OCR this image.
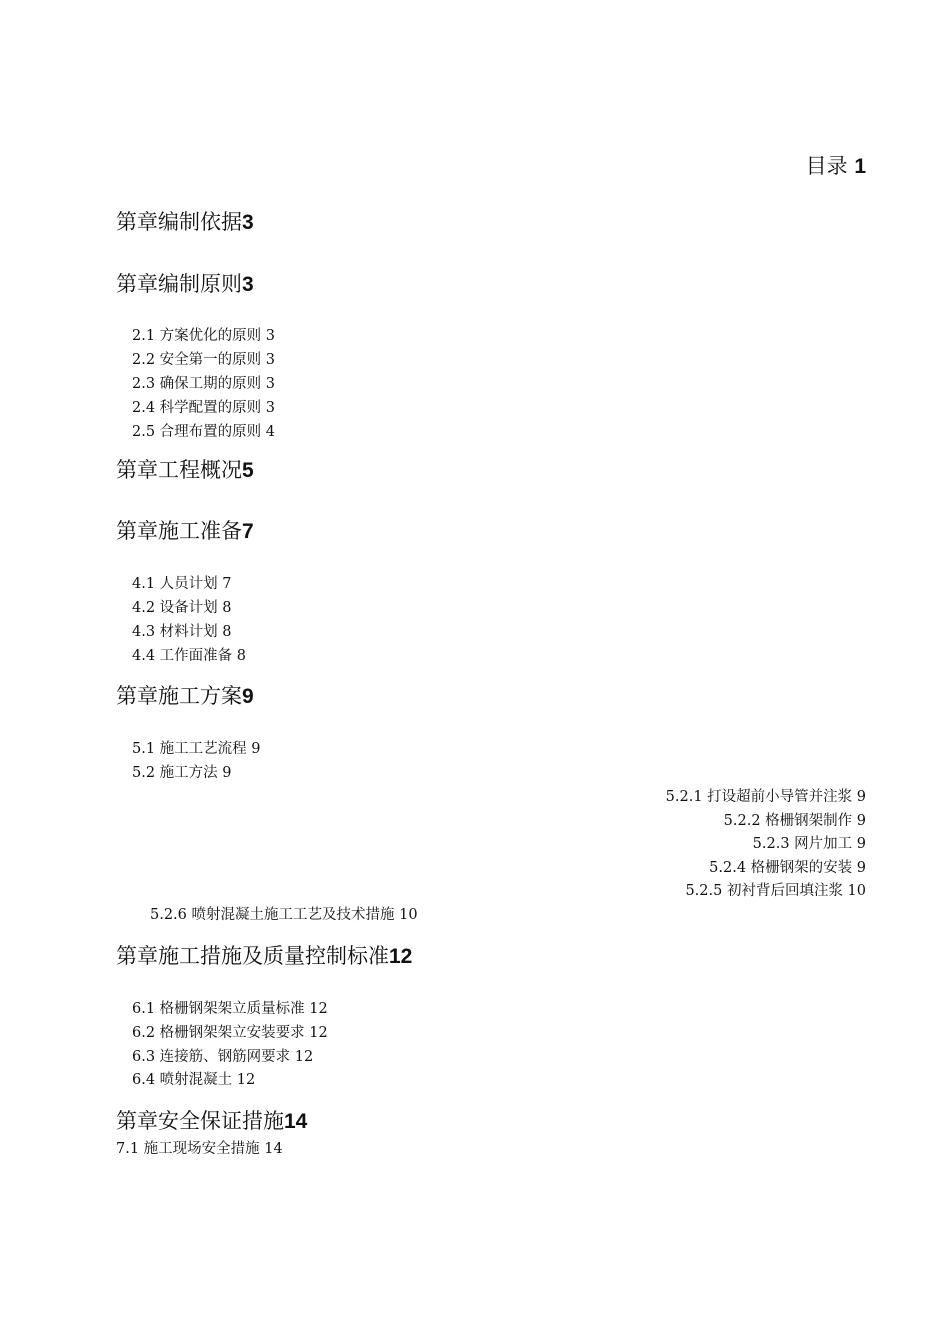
目录 1
第章编制依据3
第章编制原则3
2.1 方案优化的原则 3
2.2 安全第一的原则 3
2.3 确保工期的原则 3
2.4 科学配置的原则 3
2.5 合理布置的原则 4
第章工程概况5
第章施工准备7
4.1 人员计划 7
4.2 设备计划 8
4.3 材料计划 8
4.4 工作面准备 8
第章施工方案9
5.1 施工工艺流程 9
5.2 施工方法 9
5.2.1 打设超前小导管并注浆 9
5.2.2 格栅钢架制作 9
5.2.3 网片加工 9
5.2.4 格栅钢架的安装 9
5.2.5 初衬背后回填注浆 10
5.2.6 喷射混凝土施工工艺及技术措施 10
第章施工措施及质量控制标准12
6.1 格栅钢架架立质量标准 12
6.2 格栅钢架架立安装要求 12
6.3 连接筋、钢筋网要求 12
6.4 喷射混凝土 12
第章安全保证措施14
7.1 施工现场安全措施 14
